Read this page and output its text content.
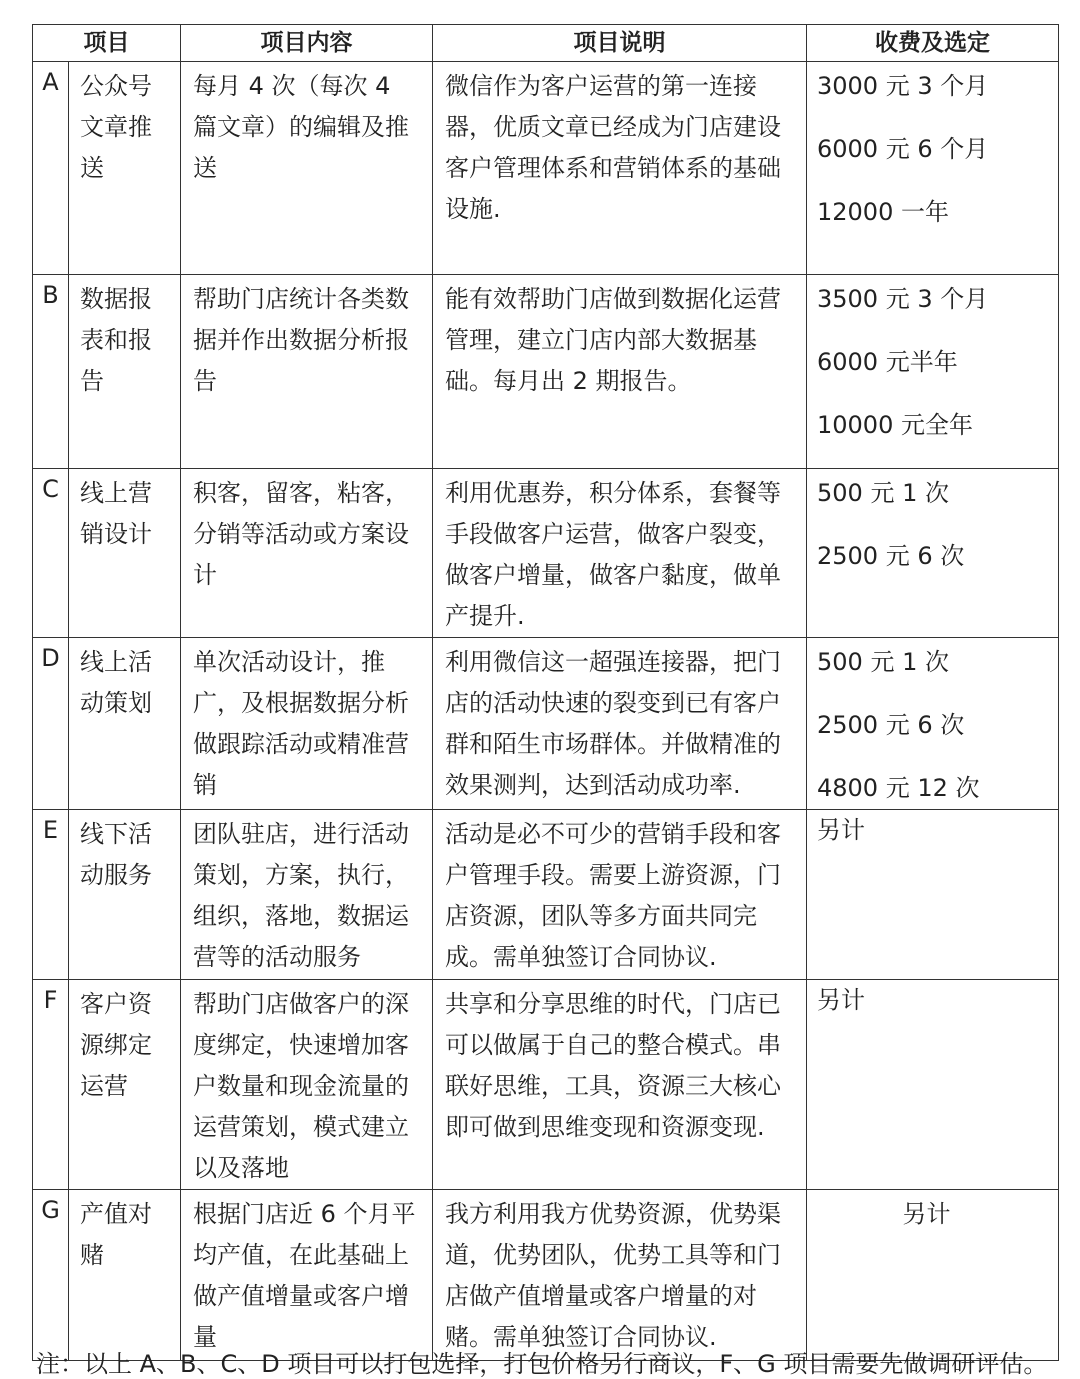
项目		项目内容	项目说明	收费及选定
A	公众号文章推送	每月 4 次（每次 4 篇文章）的编辑及推送	微信作为客户运营的第一连接器，优质文章已经成为门店建设客户管理体系和营销体系的基础设施.	3000 元 3 个月
6000 元 6 个月
12000 一年

B	数据报表和报告	帮助门店统计各类数据并作出数据分析报告	能有效帮助门店做到数据化运营管理，建立门店内部大数据基础。每月出 2 期报告。	3500 元 3 个月
6000 元半年
10000 元全年

C	线上营销设计	积客，留客，粘客，分销等活动或方案设计	利用优惠券，积分体系，套餐等手段做客户运营，做客户裂变，做客户增量，做客户黏度，做单产提升.	500 元 1 次
2500 元 6 次

D	线上活动策划	单次活动设计，推广，及根据数据分析做跟踪活动或精准营销	利用微信这一超强连接器，把门店的活动快速的裂变到已有客户群和陌生市场群体。并做精准的效果测判，达到活动成功率.	500 元 1 次
2500 元 6 次
4800 元 12 次

E	线下活动服务	团队驻店，进行活动策划，方案，执行，组织，落地，数据运营等的活动服务	活动是必不可少的营销手段和客户管理手段。需要上游资源，门店资源，团队等多方面共同完成。需单独签订合同协议.	另计

F	客户资源绑定运营	帮助门店做客户的深度绑定，快速增加客户数量和现金流量的运营策划，模式建立以及落地	共享和分享思维的时代，门店已可以做属于自己的整合模式。串联好思维，工具，资源三大核心即可做到思维变现和资源变现.	另计

G	产值对赌	根据门店近 6 个月平均产值，在此基础上做产值增量或客户增量	我方利用我方优势资源，优势渠道，优势团队，优势工具等和门店做产值增量或客户增量的对赌。需单独签订合同协议.	另计
注：以上 A、B、C、D 项目可以打包选择，打包价格另行商议，F、G 项目需要先做调研评估。
